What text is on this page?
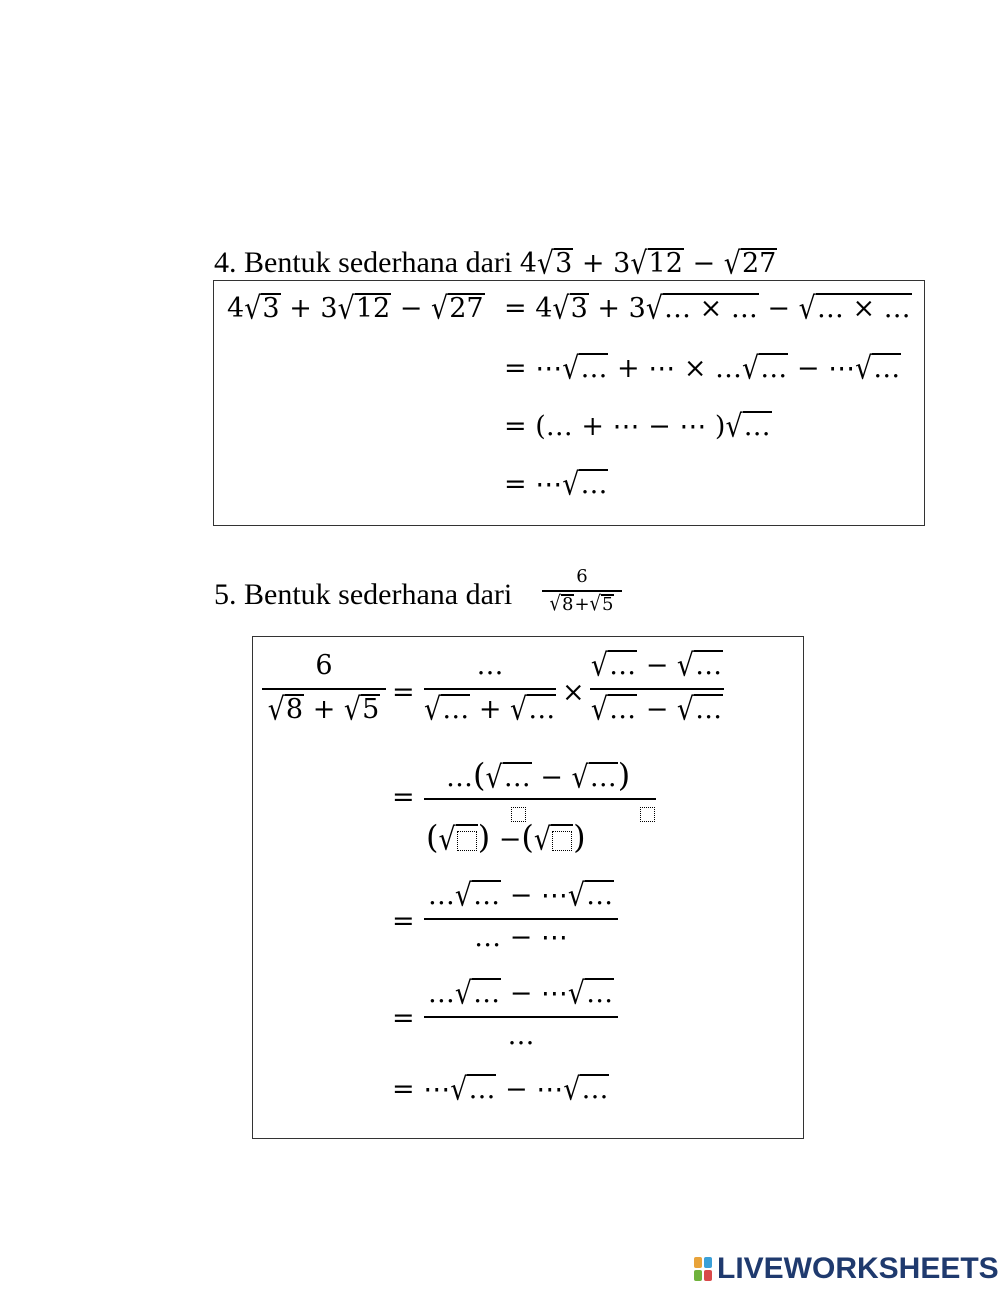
4. Bentuk sederhana dari 4√3 + 3√12 − √27
4√3 + 3√12 − √27 = 4√3 + 3√… × … − √… × …
= ⋯√… + ⋯ × …√… − ⋯√…
= (… + ⋯ − ⋯ )√…
= ⋯√…
5. Bentuk sederhana dari
6
√8+√5
6
√8 + √5
=
…
√… + √…
×
√… − √…
√… − √…
=
…(√… − √…)
(√ ) −(√ )
=
…√… − ⋯√…
… − ⋯
=
…√… − ⋯√…
…
= ⋯√… − ⋯√…
LIVEWORKSHEETS
